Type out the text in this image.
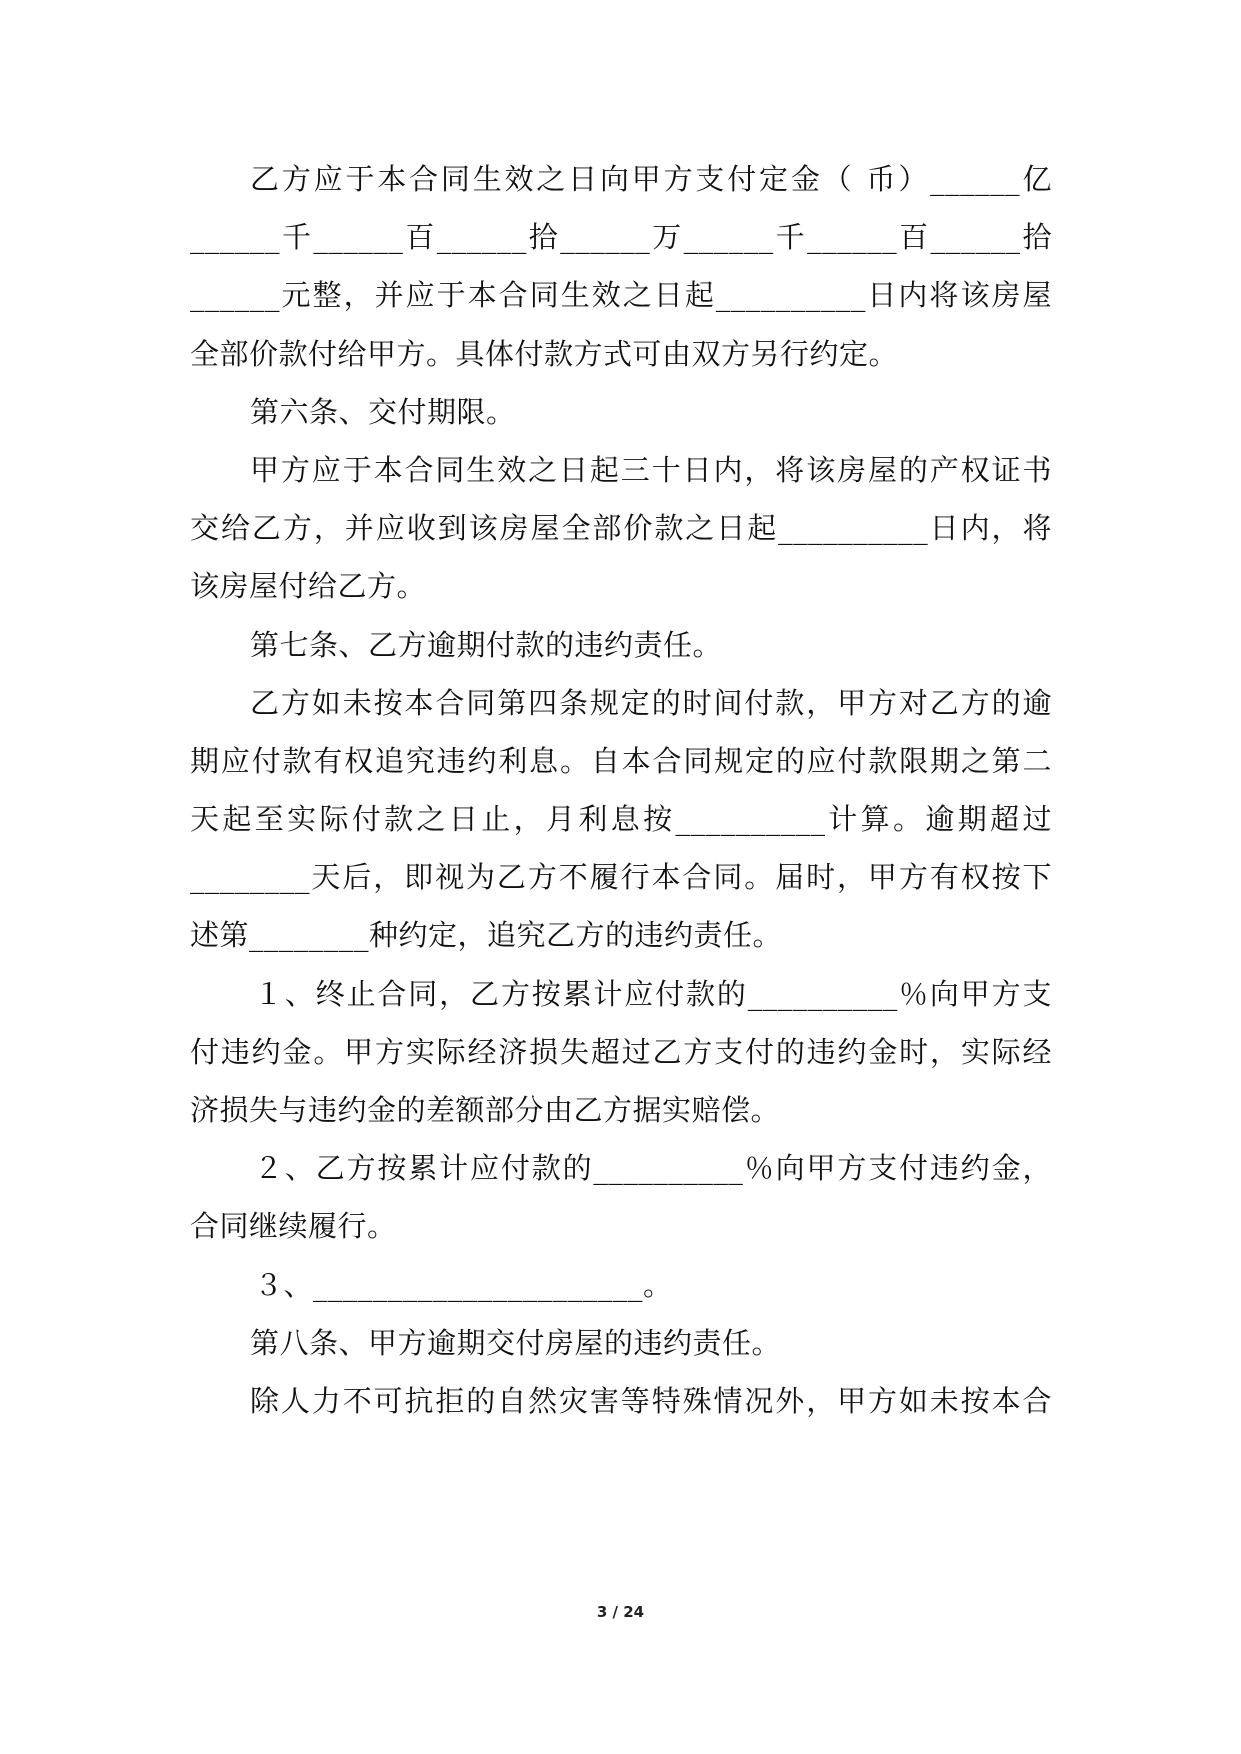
乙方应于本合同生效之日向甲方支付定金（ 币）______亿
______千______百______拾______万______千______百______拾
______元整，并应于本合同生效之日起__________日内将该房屋
全部价款付给甲方。具体付款方式可由双方另行约定。
第六条、交付期限。
甲方应于本合同生效之日起三十日内，将该房屋的产权证书
交给乙方，并应收到该房屋全部价款之日起__________日内，将
该房屋付给乙方。
第七条、乙方逾期付款的违约责任。
乙方如未按本合同第四条规定的时间付款，甲方对乙方的逾
期应付款有权追究违约利息。自本合同规定的应付款限期之第二
天起至实际付款之日止，月利息按__________计算。逾期超过
________天后，即视为乙方不履行本合同。届时，甲方有权按下
述第________种约定，追究乙方的违约责任。
１、终止合同，乙方按累计应付款的__________％向甲方支
付违约金。甲方实际经济损失超过乙方支付的违约金时，实际经
济损失与违约金的差额部分由乙方据实赔偿。
２、乙方按累计应付款的__________％向甲方支付违约金，
合同继续履行。
３、______________________。
第八条、甲方逾期交付房屋的违约责任。
除人力不可抗拒的自然灾害等特殊情况外，甲方如未按本合
3 / 24
